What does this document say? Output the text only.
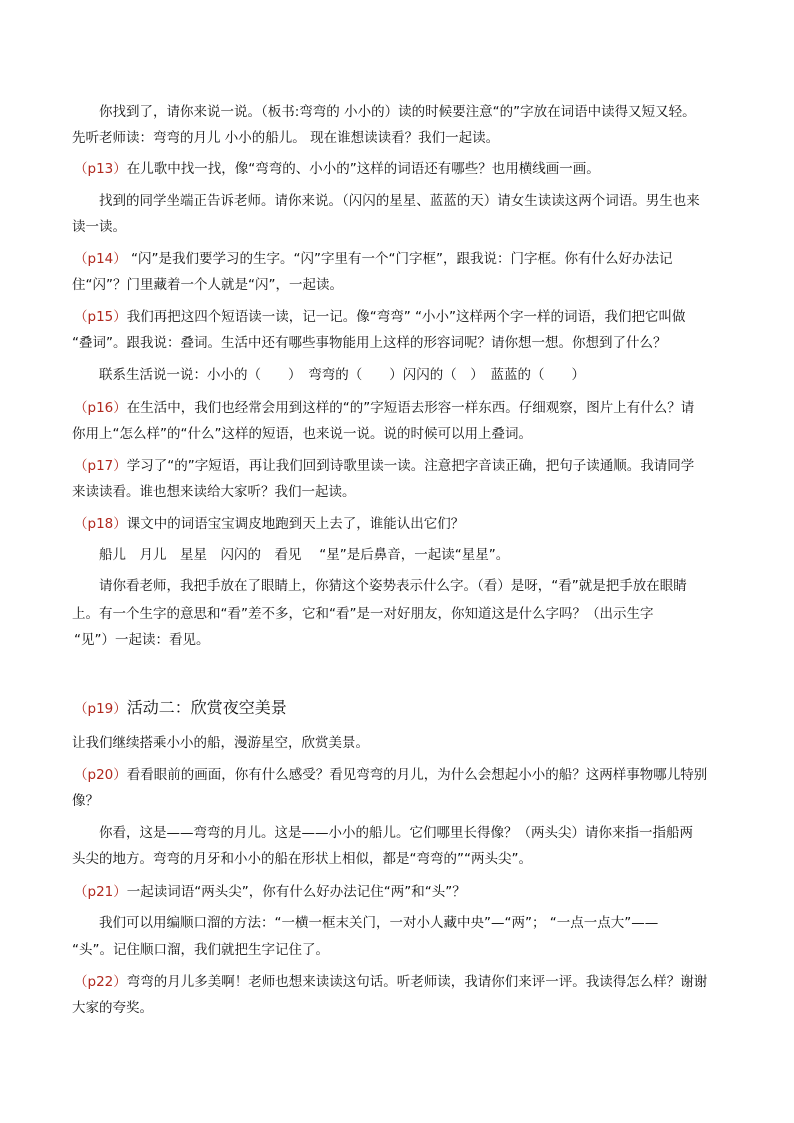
你找到了，请你来说一说。（板书:弯弯的 小小的）读的时候要注意“的”字放在词语中读得又短又轻。
先听老师读：弯弯的月儿 小小的船儿。 现在谁想读读看？我们一起读。
（p13）在儿歌中找一找，像“弯弯的、小小的”这样的词语还有哪些？也用横线画一画。
找到的同学坐端正告诉老师。请你来说。（闪闪的星星、蓝蓝的天）请女生读读这两个词语。男生也来
读一读。
（p14） “闪”是我们要学习的生字。“闪”字里有一个“门字框”，跟我说：门字框。你有什么好办法记
住“闪”？门里藏着一个人就是“闪”，一起读。
（p15）我们再把这四个短语读一读，记一记。像“弯弯” “小小”这样两个字一样的词语，我们把它叫做
“叠词”。跟我说：叠词。生活中还有哪些事物能用上这样的形容词呢？请你想一想。你想到了什么？
联系生活说一说：小小的（　　）　弯弯的（　　）闪闪的（　）　蓝蓝的（　　）
（p16）在生活中，我们也经常会用到这样的“的”字短语去形容一样东西。仔细观察，图片上有什么？请
你用上“怎么样”的“什么”这样的短语，也来说一说。说的时候可以用上叠词。
（p17）学习了“的”字短语，再让我们回到诗歌里读一读。注意把字音读正确，把句子读通顺。我请同学
来读读看。谁也想来读给大家听？我们一起读。
（p18）课文中的词语宝宝调皮地跑到天上去了，谁能认出它们？
船儿　月儿　星星　闪闪的　看见　 “星”是后鼻音，一起读“星星”。
请你看老师，我把手放在了眼睛上，你猜这个姿势表示什么字。（看）是呀，“看”就是把手放在眼睛
上。有一个生字的意思和“看”差不多，它和“看”是一对好朋友，你知道这是什么字吗？（出示生字
“见”）一起读：看见。
（p19）活动二：欣赏夜空美景
让我们继续搭乘小小的船，漫游星空，欣赏美景。
（p20）看看眼前的画面，你有什么感受？看见弯弯的月儿，为什么会想起小小的船？这两样事物哪儿特别
像？
你看，这是——弯弯的月儿。这是——小小的船儿。它们哪里长得像？（两头尖）请你来指一指船两
头尖的地方。弯弯的月牙和小小的船在形状上相似，都是“弯弯的”“两头尖”。
（p21）一起读词语“两头尖”，你有什么好办法记住“两”和“头”？
我们可以用编顺口溜的方法：“一横一框末关门，一对小人藏中央”—“两”； “一点一点大”——
“头”。记住顺口溜，我们就把生字记住了。
（p22）弯弯的月儿多美啊！老师也想来读读这句话。听老师读，我请你们来评一评。我读得怎么样？谢谢
大家的夸奖。
